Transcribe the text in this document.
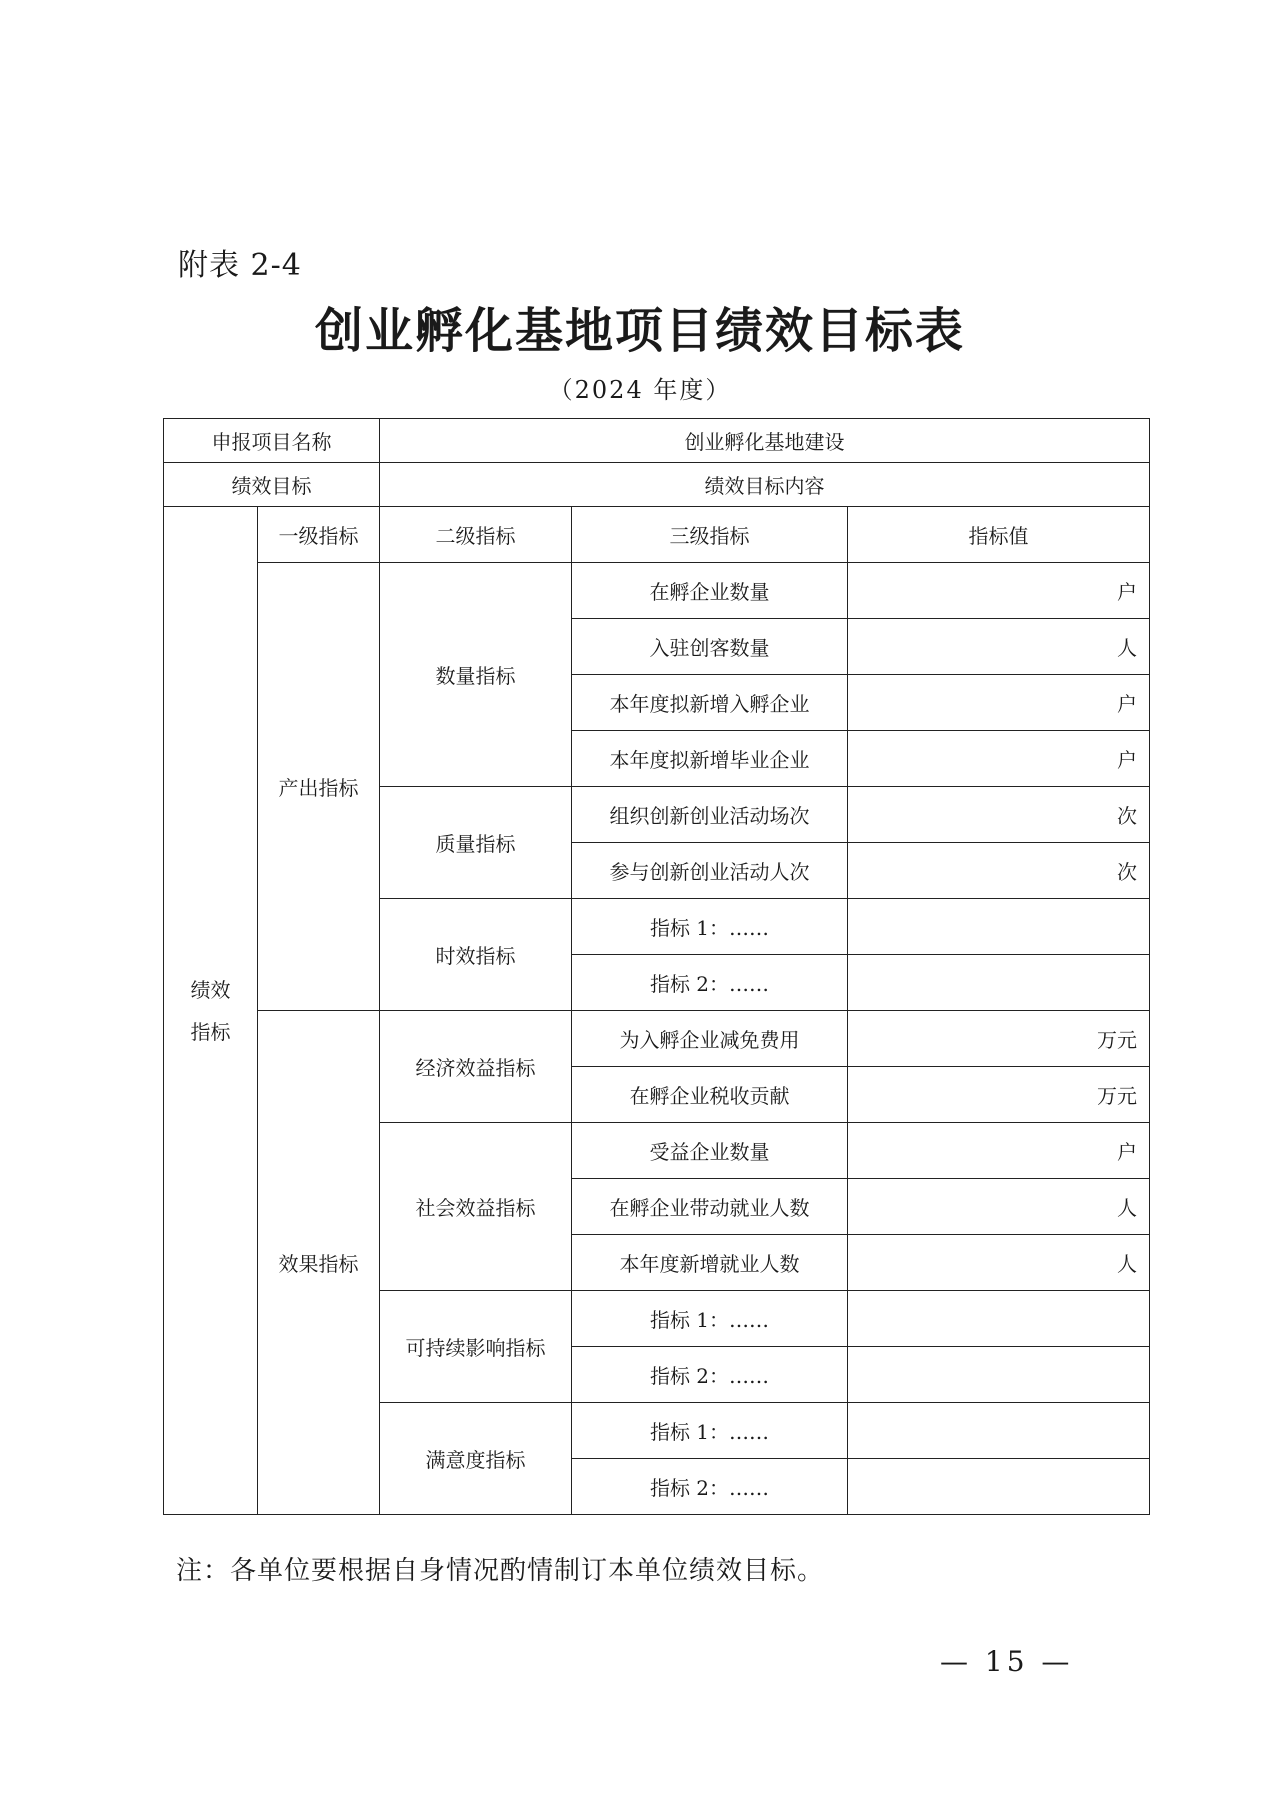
附表 2-4
创业孵化基地项目绩效目标表
（2024 年度）
申报项目名称		创业孵化基地建设		
绩效目标		绩效目标内容		
绩效
指标	一级指标	二级指标	三级指标	指标值
	产出指标	数量指标	在孵企业数量	户
			入驻创客数量	人
			本年度拟新增入孵企业	户
			本年度拟新增毕业企业	户
		质量指标	组织创新创业活动场次	次
			参与创新创业活动人次	次
		时效指标	指标 1：……	
			指标 2：……	
	效果指标	经济效益指标	为入孵企业减免费用	万元
			在孵企业税收贡献	万元
		社会效益指标	受益企业数量	户
			在孵企业带动就业人数	人
			本年度新增就业人数	人
		可持续影响指标	指标 1：……	
			指标 2：……	
		满意度指标	指标 1：……	
			指标 2：……	
注：各单位要根据自身情况酌情制订本单位绩效目标。
— 15 —
